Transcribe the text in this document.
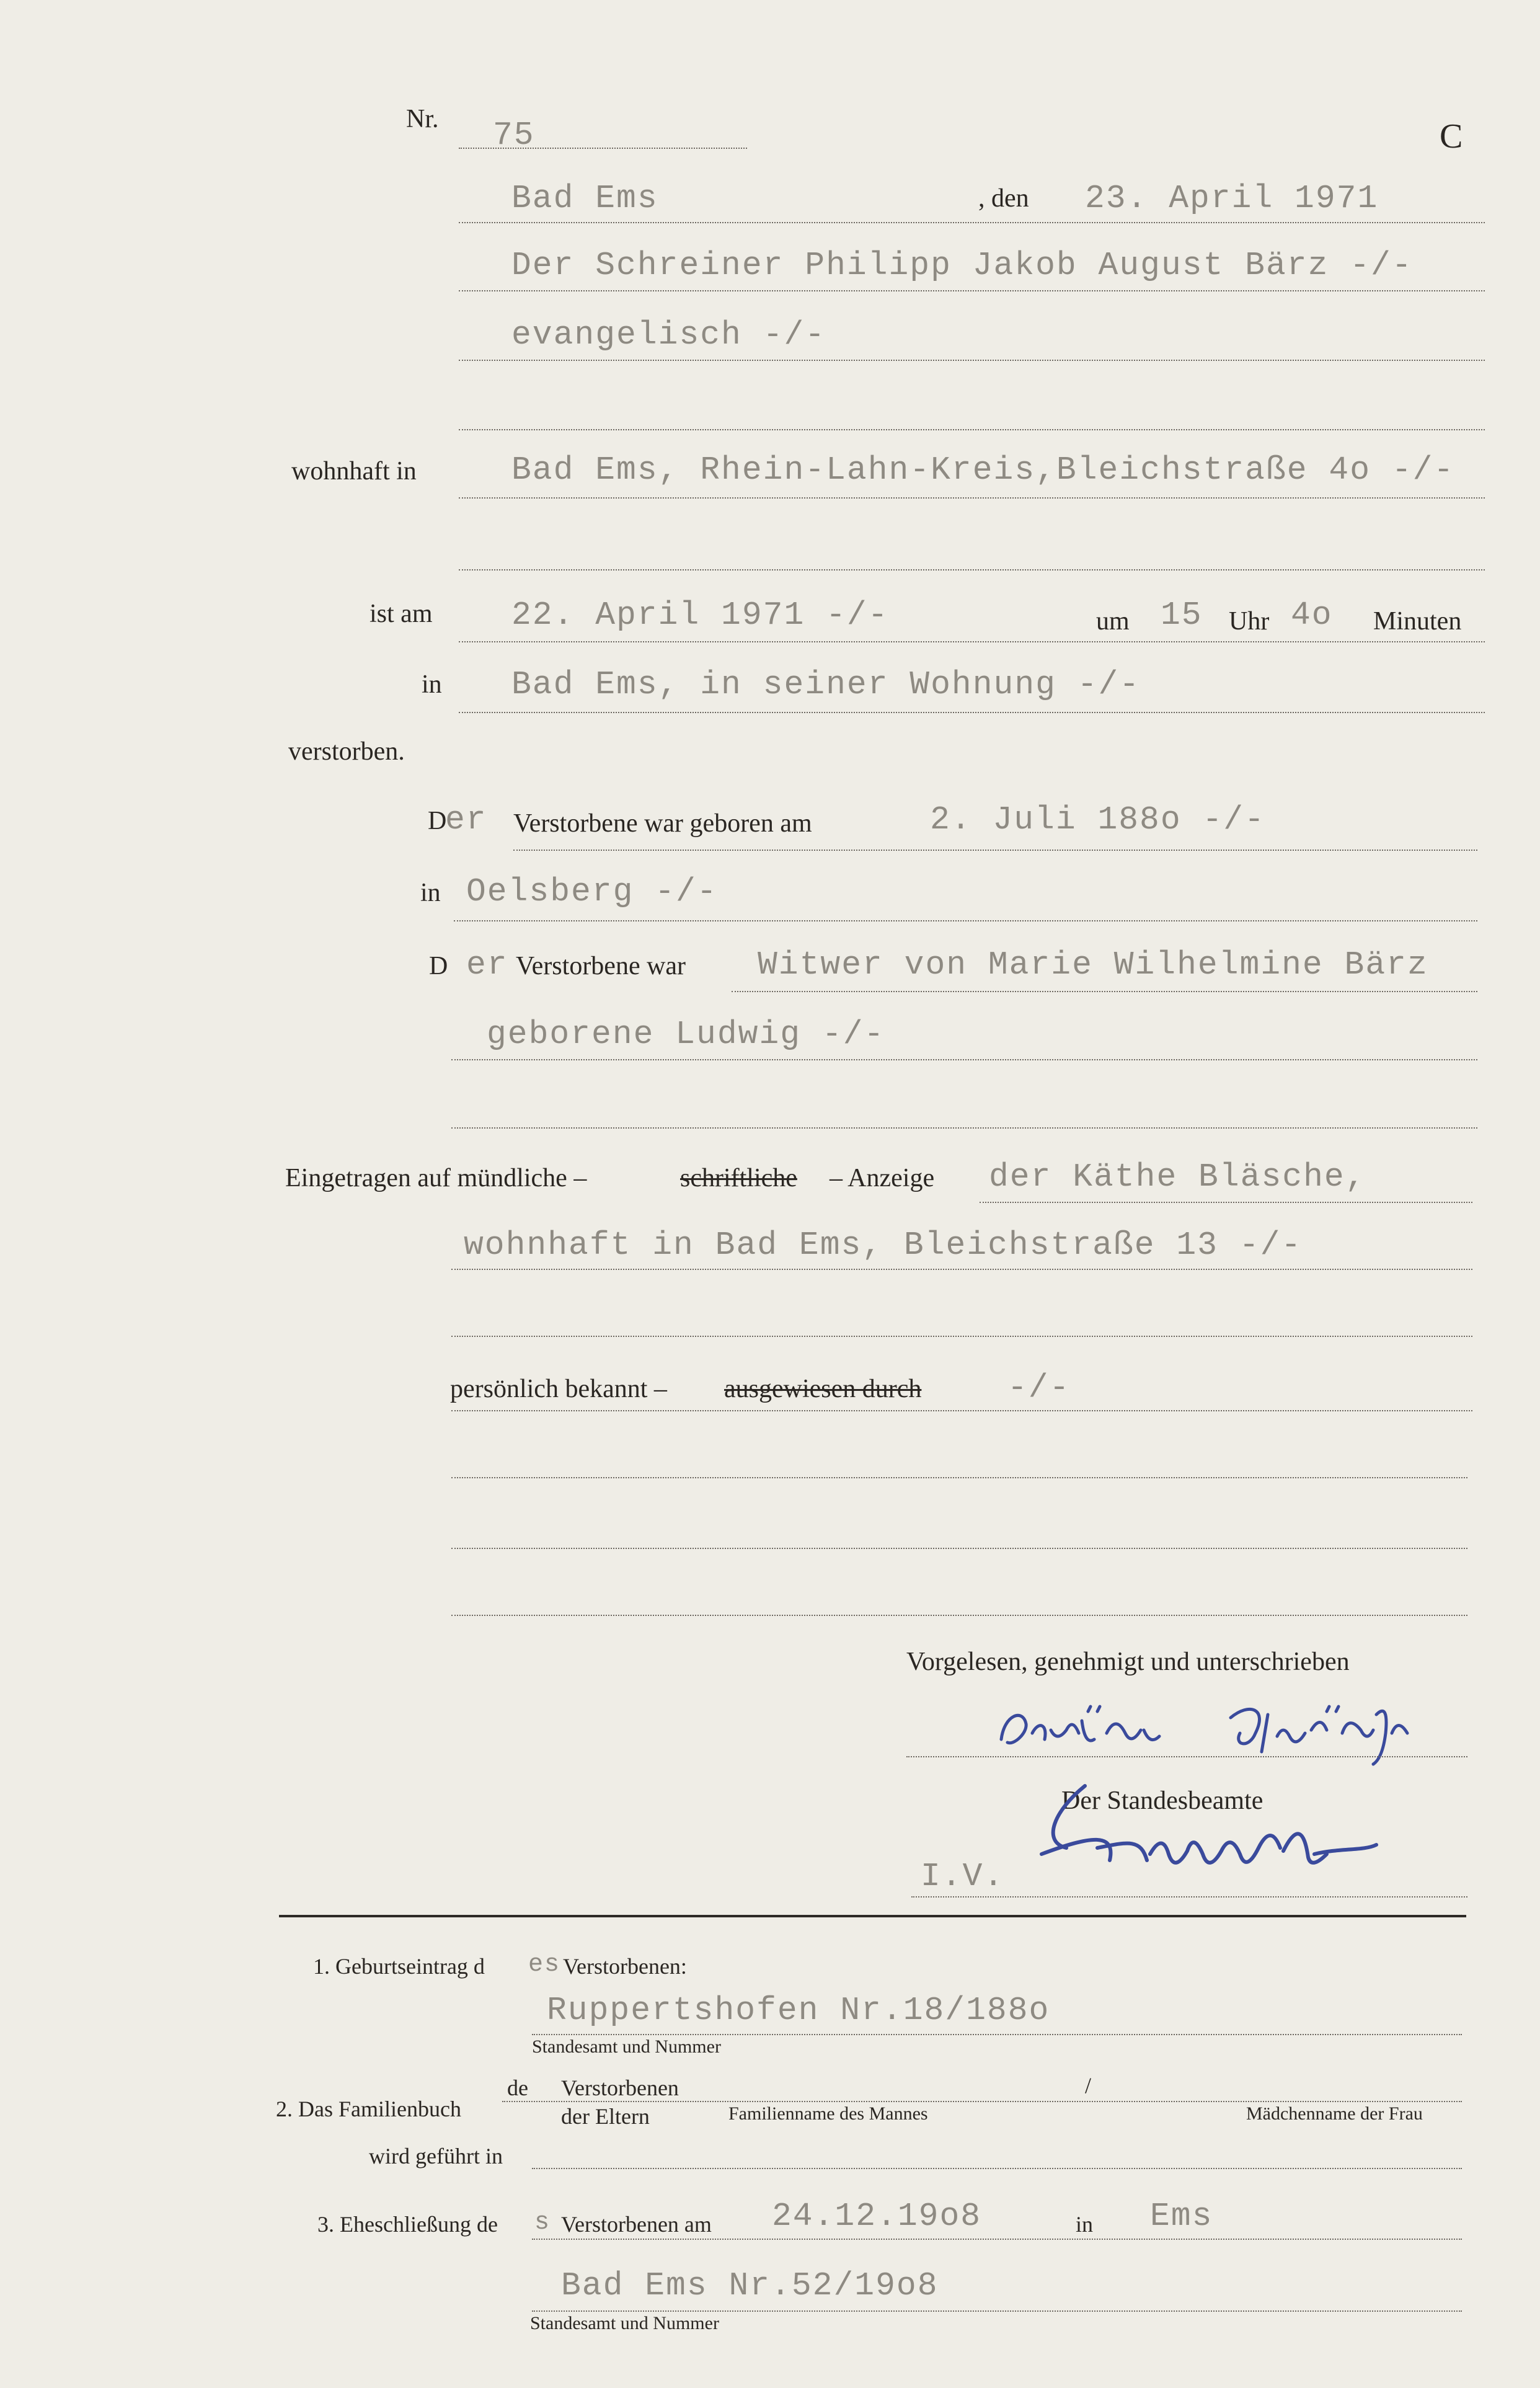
Nr. 75	C
Bad Ems	, den 23. April 1971
Der Schreiner Philipp Jakob August Bärz -/-
evangelisch -/-
wohnhaft in	Bad Ems, Rhein-Lahn-Kreis,Bleichstraße 4o -/-
ist am 22. April 1971 -/-	um 15 Uhr 4o Minuten
in Bad Ems, in seiner Wohnung -/-
verstorben.
D
er Verstorbene war geboren am	2. Juli 188o -/-
in Oelsberg -/-
D er Verstorbene war Witwer von Marie Wilhelmine Bärz
geborene Ludwig -/-
Eingetragen auf mündliche –	schriftliche – Anzeige der Käthe Bläsche,
wohnhaft in Bad Ems, Bleichstraße 13 -/-
persönlich bekannt – ausgewiesen durch	-/-
Vorgelesen, genehmigt und unterschrieben
Der Standesbeamte
I.V.
1. Geburtseintrag d es Verstorbenen:
Ruppertshofen Nr.18/188o
Standesamt und Nummer
2. Das Familienbuch
de Verstorbenen
der Eltern	Familienname des Mannes
/
Mädchenname der Frau
wird geführt in
3. Eheschließung de s Verstorbenen am 24.12.19o8	in Ems
Bad Ems Nr.52/19o8
Standesamt und Nummer
